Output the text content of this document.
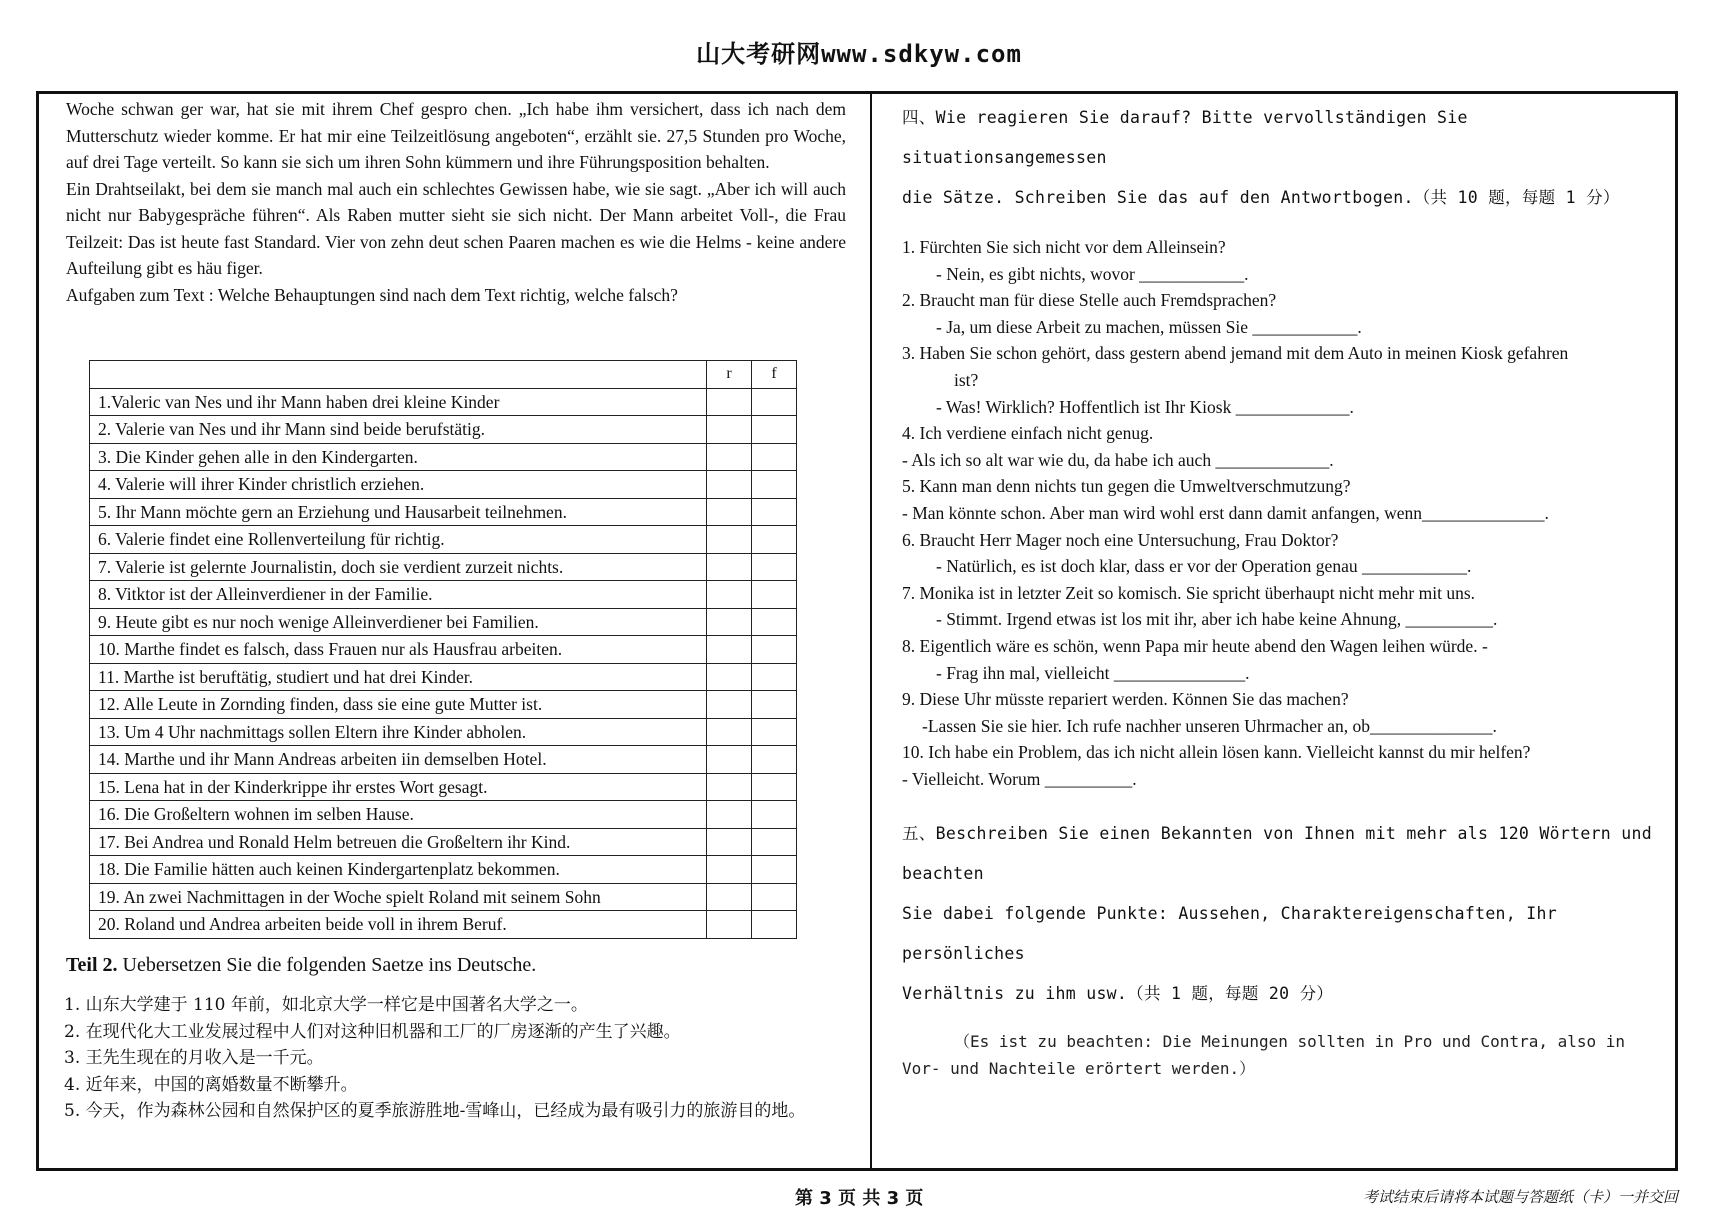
山大考研网www.sdkyw.com

Woche schwan ger war, hat sie mit ihrem Chef gespro chen. „Ich habe ihm versichert, dass ich nach dem Mutterschutz wieder komme. Er hat mir eine Teilzeitlösung angeboten“, erzählt sie. 27,5 Stunden pro Woche, auf drei Tage verteilt. So kann sie sich um ihren Sohn kümmern und ihre Führungsposition behalten.

Ein Drahtseilakt, bei dem sie manch mal auch ein schlechtes Gewissen habe, wie sie sagt. „Aber ich will auch nicht nur Babygespräche führen“. Als Raben mutter sieht sie sich nicht. Der Mann arbeitet Voll-, die Frau Teilzeit: Das ist heute fast Standard. Vier von zehn deut schen Paaren machen es wie die Helms - keine andere Aufteilung gibt es häu figer.

Aufgaben zum Text : Welche Behauptungen sind nach dem Text richtig, welche falsch?

	r	f
1.Valeric van Nes und ihr Mann haben drei kleine Kinder		
2. Valerie van Nes und ihr Mann sind beide berufstätig.		
3. Die Kinder gehen alle in den Kindergarten.		
4. Valerie will ihrer Kinder christlich erziehen.		
5. Ihr Mann möchte gern an Erziehung und Hausarbeit teilnehmen.		
6. Valerie findet eine Rollenverteilung für richtig.		
7. Valerie ist gelernte Journalistin, doch sie verdient zurzeit nichts.		
8. Vitktor ist der Alleinverdiener in der Familie.		
9. Heute gibt es nur noch wenige Alleinverdiener bei Familien.		
10. Marthe findet es falsch, dass Frauen nur als Hausfrau arbeiten.		
11. Marthe ist beruftätig, studiert und hat drei Kinder.		
12. Alle Leute in Zornding finden, dass sie eine gute Mutter ist.		
13. Um 4 Uhr nachmittags sollen Eltern ihre Kinder abholen.		
14. Marthe und ihr Mann Andreas arbeiten iin demselben Hotel.		
15. Lena hat in der Kinderkrippe ihr erstes Wort gesagt.		
16. Die Großeltern wohnen im selben Hause.		
17. Bei Andrea und Ronald Helm betreuen die Großeltern ihr Kind.		
18. Die Familie hätten auch keinen Kindergartenplatz bekommen.		
19. An zwei Nachmittagen in der Woche spielt Roland mit seinem Sohn		
20. Roland und Andrea arbeiten beide voll in ihrem Beruf.		
Teil 2. Uebersetzen Sie die folgenden Saetze ins Deutsche.
1. 山东大学建于 110 年前，如北京大学一样它是中国著名大学之一。
2. 在现代化大工业发展过程中人们对这种旧机器和工厂的厂房逐渐的产生了兴趣。
3. 王先生现在的月收入是一千元。
4. 近年来，中国的离婚数量不断攀升。
5. 今天，作为森林公园和自然保护区的夏季旅游胜地-雪峰山，已经成为最有吸引力的旅游目的地。
四、Wie reagieren Sie darauf? Bitte vervollständigen Sie situationsangemessen
die Sätze. Schreiben Sie das auf den Antwortbogen.（共 10 题，每题 1 分）
1. Fürchten Sie sich nicht vor dem Alleinsein?
- Nein, es gibt nichts, wovor ____________.
2. Braucht man für diese Stelle auch Fremdsprachen?
- Ja, um diese Arbeit zu machen, müssen Sie ____________.
3. Haben Sie schon gehört, dass gestern abend jemand mit dem Auto in meinen Kiosk gefahren
ist?
- Was! Wirklich? Hoffentlich ist Ihr Kiosk _____________.
4. Ich verdiene einfach nicht genug.
- Als ich so alt war wie du, da habe ich auch _____________.
5. Kann man denn nichts tun gegen die Umweltverschmutzung?
- Man könnte schon. Aber man wird wohl erst dann damit anfangen, wenn______________.
6. Braucht Herr Mager noch eine Untersuchung, Frau Doktor?
- Natürlich, es ist doch klar, dass er vor der Operation genau ____________.
7. Monika ist in letzter Zeit so komisch. Sie spricht überhaupt nicht mehr mit uns.
- Stimmt. Irgend etwas ist los mit ihr, aber ich habe keine Ahnung, __________.
8. Eigentlich wäre es schön, wenn Papa mir heute abend den Wagen leihen würde. -
- Frag ihn mal, vielleicht _______________.
9. Diese Uhr müsste repariert werden. Können Sie das machen?
-Lassen Sie sie hier. Ich rufe nachher unseren Uhrmacher an, ob______________.
10. Ich habe ein Problem, das ich nicht allein lösen kann. Vielleicht kannst du mir helfen?
- Vielleicht. Worum __________.
五、Beschreiben Sie einen Bekannten von Ihnen mit mehr als 120 Wörtern und beachten
Sie dabei folgende Punkte: Aussehen, Charaktereigenschaften, Ihr persönliches
Verhältnis zu ihm usw.（共 1 题，每题 20 分）
（Es ist zu beachten: Die Meinungen sollten in Pro und Contra, also in
Vor- und Nachteile erörtert werden.）
第 3 页 共 3 页	考试结束后请将本试题与答题纸（卡）一并交回
